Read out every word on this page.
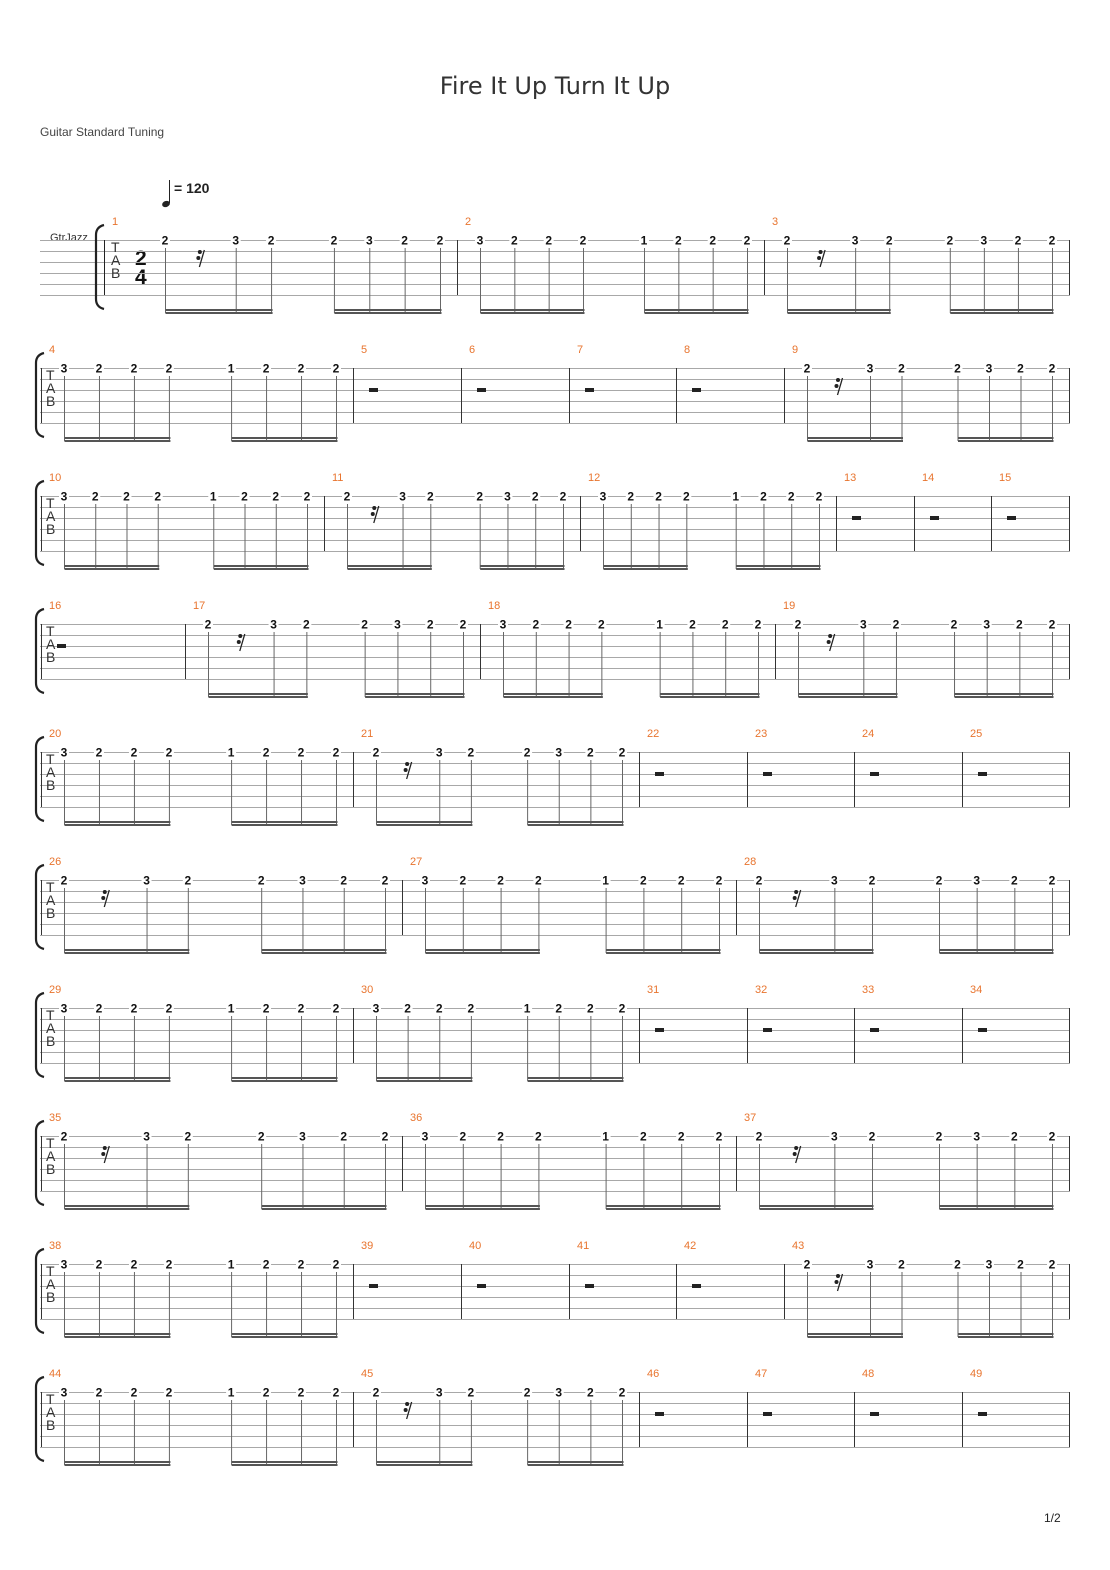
Fire It Up Turn It Up
Guitar Standard Tuning
= 120
GtrJazz
2
4
T
A
B
1
2	3 2	2 3 2 2
2
3 2 2 2	1 2 2 2
3
2	3 2	2 3 2 2
T
A
B
4
3 2 2 2	1 2 2 2
5	6	7	8	9
2	3 2	2 3 2 2
T
A
B
10
3 2 2 2	1 2 2 2
11
2	3 2	2 3 2 2
12
3 2 2 2	1 2 2 2
13	14	15
T
A
B
16	17
2	3 2	2 3 2 2
18
3 2 2 2	1 2 2 2
19
2	3 2	2 3 2 2
T
A
B
20
3 2 2 2	1 2 2 2
21
2	3 2	2 3 2 2
22	23	24	25
T
A
B
26
2	3	2	2	3	2	2
27
3	2	2	2	1	2	2	2
28
2	3	2	2	3	2	2
T
A
B
29
3 2 2 2	1 2 2 2
30
3 2 2 2	1 2 2 2
31	32	33	34
T
A
B
35
2	3	2	2	3	2	2
36
3	2	2	2	1	2	2	2
37
2	3	2	2	3	2	2
T
A
B
38
3 2 2 2	1 2 2 2
39	40	41	42	43
2	3 2	2 3 2 2
T
A
B
44
3 2 2 2	1 2 2 2
45
2	3 2	2 3 2 2
46	47	48	49
1/2
